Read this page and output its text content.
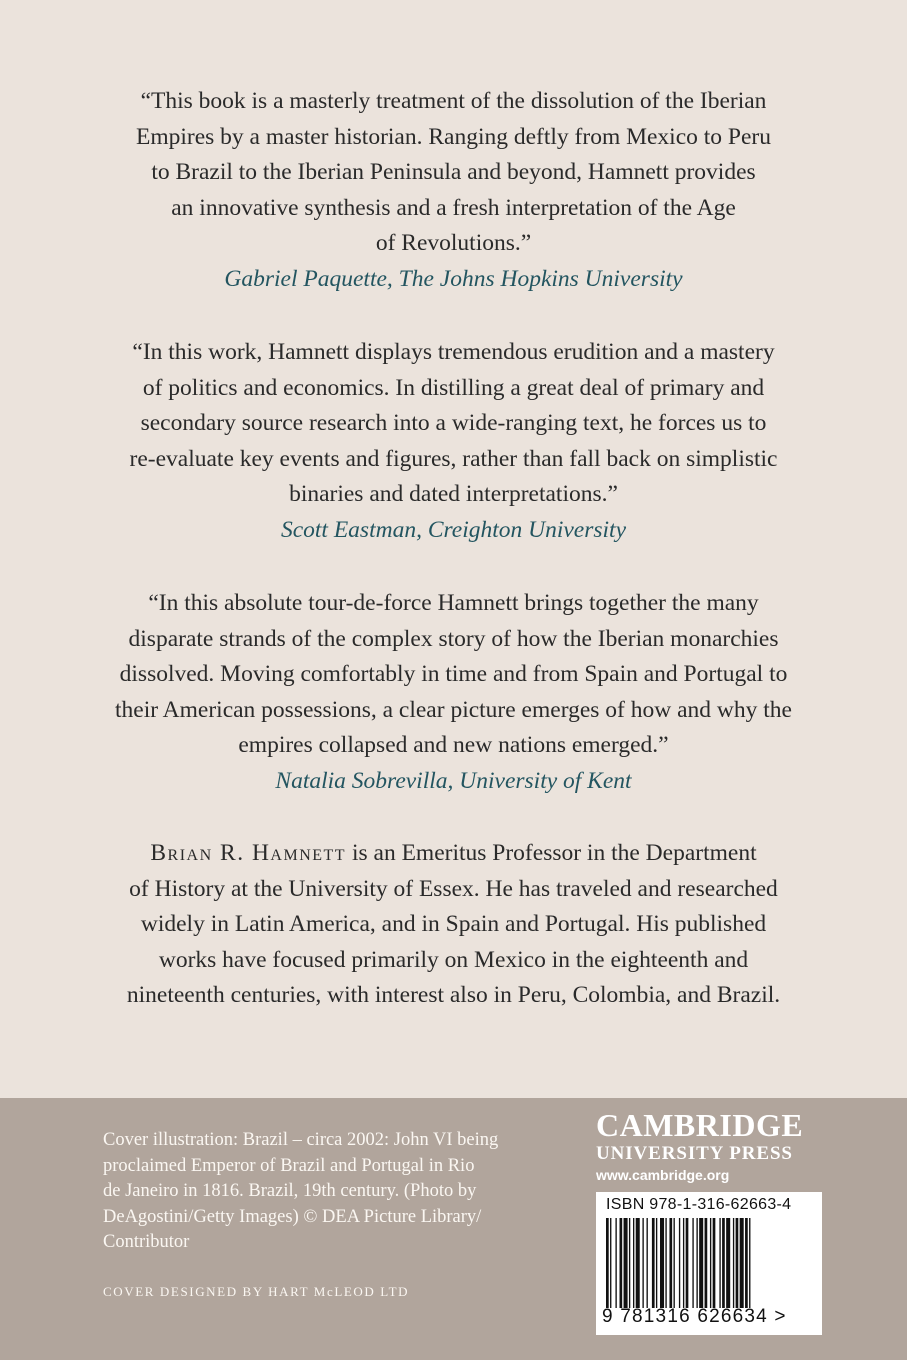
“This book is a masterly treatment of the dissolution of the Iberian

Empires by a master historian. Ranging deftly from Mexico to Peru

to Brazil to the Iberian Peninsula and beyond, Hamnett provides

an innovative synthesis and a fresh interpretation of the Age

of Revolutions.”

Gabriel Paquette, The Johns Hopkins University

“In this work, Hamnett displays tremendous erudition and a mastery

of politics and economics. In distilling a great deal of primary and

secondary source research into a wide-ranging text, he forces us to

re-evaluate key events and figures, rather than fall back on simplistic

binaries and dated interpretations.”

Scott Eastman, Creighton University

“In this absolute tour-de-force Hamnett brings together the many

disparate strands of the complex story of how the Iberian monarchies

dissolved. Moving comfortably in time and from Spain and Portugal to

their American possessions, a clear picture emerges of how and why the

empires collapsed and new nations emerged.”

Natalia Sobrevilla, University of Kent

Brian R. Hamnett is an Emeritus Professor in the Department

of History at the University of Essex. He has traveled and researched

widely in Latin America, and in Spain and Portugal. His published

works have focused primarily on Mexico in the eighteenth and

nineteenth centuries, with interest also in Peru, Colombia, and Brazil.

Cover illustration: Brazil – circa 2002: John VI being
proclaimed Emperor of Brazil and Portugal in Rio
de Janeiro in 1816. Brazil, 19th century. (Photo by
DeAgostini/Getty Images) © DEA Picture Library/
Contributor
COVER DESIGNED BY HART McLEOD LTD
CAMBRIDGE
UNIVERSITY PRESS
www.cambridge.org
ISBN 978-1-316-62663-4
9 781316 626634 >
